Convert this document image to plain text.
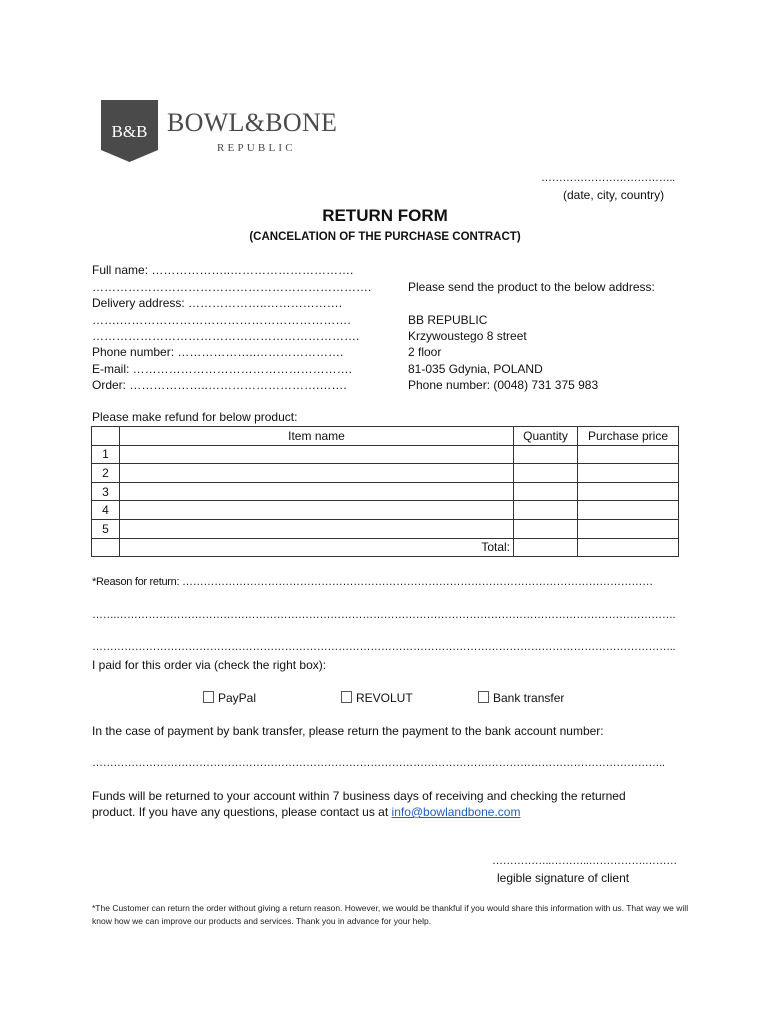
B&B BOWL&BONE
REPUBLIC
………………………………..
(date, city, country)
RETURN FORM
(CANCELATION OF THE PURCHASE CONTRACT)
Full name: ………………..………………………….
…………………………………………………………….
Delivery address: ………………..……………….
…….………………………………………………….
………………………………………………………….
Phone number: ………………..………………….
E-mail: ……………………………………………….
Order: ………………..……………………….…….
Please send the product to the below address:
BB REPUBLIC
Krzywoustego 8 street
2 floor
81-035 Gdynia, POLAND
Phone number: (0048) 731 375 983
Please make refund for below product:
	Item name	Quantity	Purchase price
1			
2			
3			
4			
5			
	Total:		
*Reason for return: ……………………………………………………………………………………………………………………
…….………………………………………………………………………………………………………………………………………….
………………………………………………………………………………………………………………………………………………..
I paid for this order via (check the right box):
PayPal	REVOLUT	Bank transfer
In the case of payment by bank transfer, please return the payment to the bank account number:
……………………………………………………………………………………………………………………………………………..
Funds will be returned to your account within 7 business days of receiving and checking the returned
product. If you have any questions, please contact us at info@bowlandbone.com
……………..………..…………….………
legible signature of client
*The Customer can return the order without giving a return reason. However, we would be thankful if you would share this information with us. That way we will know how we can improve our products and services. Thank you in advance for your help.
